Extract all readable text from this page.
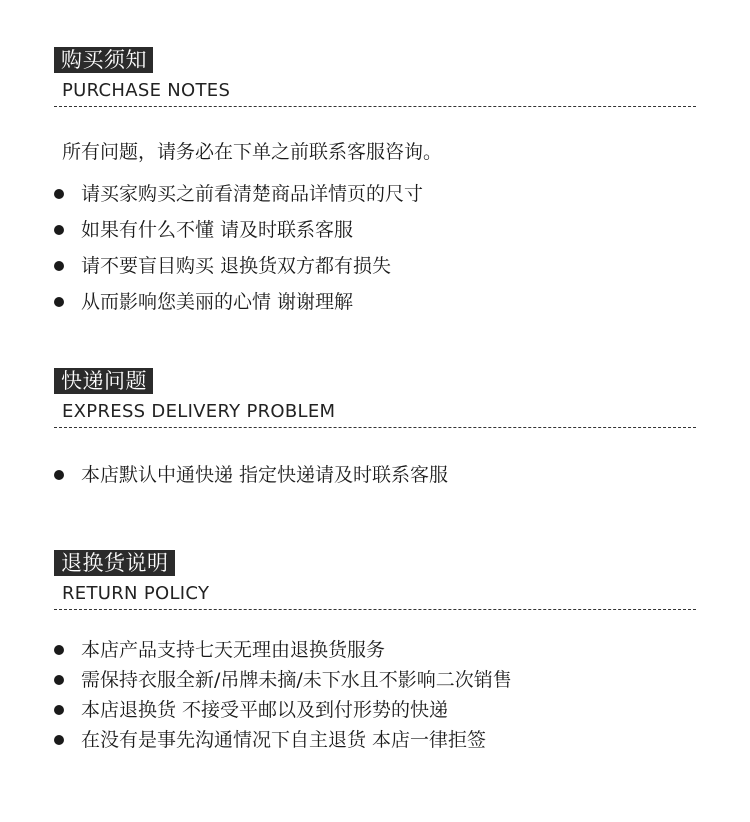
购买须知
PURCHASE NOTES
所有问题，请务必在下单之前联系客服咨询。
请买家购买之前看清楚商品详情页的尺寸
如果有什么不懂 请及时联系客服
请不要盲目购买 退换货双方都有损失
从而影响您美丽的心情 谢谢理解
快递问题
EXPRESS DELIVERY PROBLEM
本店默认中通快递 指定快递请及时联系客服
退换货说明
RETURN POLICY
本店产品支持七天无理由退换货服务
需保持衣服全新/吊牌未摘/未下水且不影响二次销售
本店退换货 不接受平邮以及到付形势的快递
在没有是事先沟通情况下自主退货 本店一律拒签
